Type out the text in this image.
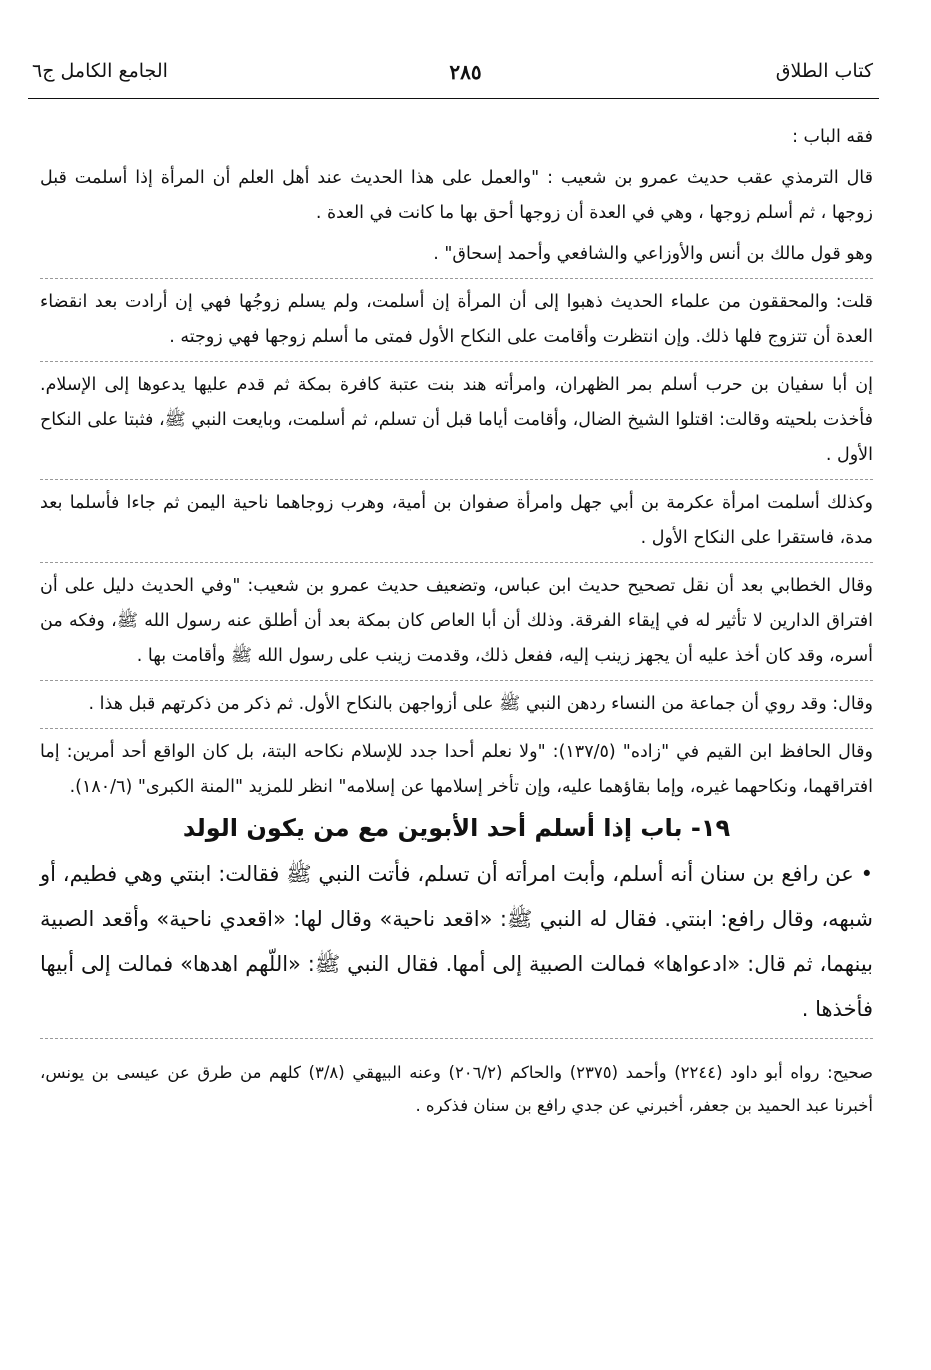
كتاب الطلاق
٢٨٥
الجامع الكامل ج٦

فقه الباب :

قال الترمذي عقب حديث عمرو بن شعيب : "والعمل على هذا الحديث عند أهل العلم أن المرأة إذا أسلمت قبل زوجها ، ثم أسلم زوجها ، وهي في العدة أن زوجها أحق بها ما كانت في العدة .

وهو قول مالك بن أنس والأوزاعي والشافعي وأحمد إسحاق" .

قلت: والمحققون من علماء الحديث ذهبوا إلى أن المرأة إن أسلمت، ولم يسلم زوجُها فهي إن أرادت بعد انقضاء العدة أن تتزوج فلها ذلك. وإن انتظرت وأقامت على النكاح الأول فمتى ما أسلم زوجها فهي زوجته .

إن أبا سفيان بن حرب أسلم بمر الظهران، وامرأته هند بنت عتبة كافرة بمكة ثم قدم عليها يدعوها إلى الإسلام. فأخذت بلحيته وقالت: اقتلوا الشيخ الضال، وأقامت أياما قبل أن تسلم، ثم أسلمت، وبايعت النبي ﷺ، فثبتا على النكاح الأول .

وكذلك أسلمت امرأة عكرمة بن أبي جهل وامرأة صفوان بن أمية، وهرب زوجاهما ناحية اليمن ثم جاءا فأسلما بعد مدة، فاستقرا على النكاح الأول .

وقال الخطابي بعد أن نقل تصحيح حديث ابن عباس، وتضعيف حديث عمرو بن شعيب: "وفي الحديث دليل على أن افتراق الدارين لا تأثير له في إيقاء الفرقة. وذلك أن أبا العاص كان بمكة بعد أن أطلق عنه رسول الله ﷺ، وفكه من أسره، وقد كان أخذ عليه أن يجهز زينب إليه، ففعل ذلك، وقدمت زينب على رسول الله ﷺ وأقامت بها .

وقال: وقد روي أن جماعة من النساء ردهن النبي ﷺ على أزواجهن بالنكاح الأول. ثم ذكر من ذكرتهم قبل هذا .

وقال الحافظ ابن القيم في "زاده" (١٣٧/٥): "ولا نعلم أحدا جدد للإسلام نكاحه البتة، بل كان الواقع أحد أمرين: إما افتراقهما، ونكاحهما غيره، وإما بقاؤهما عليه، وإن تأخر إسلامها عن إسلامه" انظر للمزيد "المنة الكبرى" (١٨٠/٦).

١٩- باب إذا أسلم أحد الأبوين مع من يكون الولد

• عن رافع بن سنان أنه أسلم، وأبت امرأته أن تسلم، فأتت النبي ﷺ فقالت: ابنتي وهي فطيم، أو شبهه، وقال رافع: ابنتي. فقال له النبي ﷺ: «اقعد ناحية» وقال لها: «اقعدي ناحية» وأقعد الصبية بينهما، ثم قال: «ادعواها» فمالت الصبية إلى أمها. فقال النبي ﷺ: «اللّهم اهدها» فمالت إلى أبيها فأخذها .

صحيح: رواه أبو داود (٢٢٤٤) وأحمد (٢٣٧٥) والحاكم (٢٠٦/٢) وعنه البيهقي (٣/٨) كلهم من طرق عن عيسى بن يونس، أخبرنا عبد الحميد بن جعفر، أخبرني عن جدي رافع بن سنان فذكره .
